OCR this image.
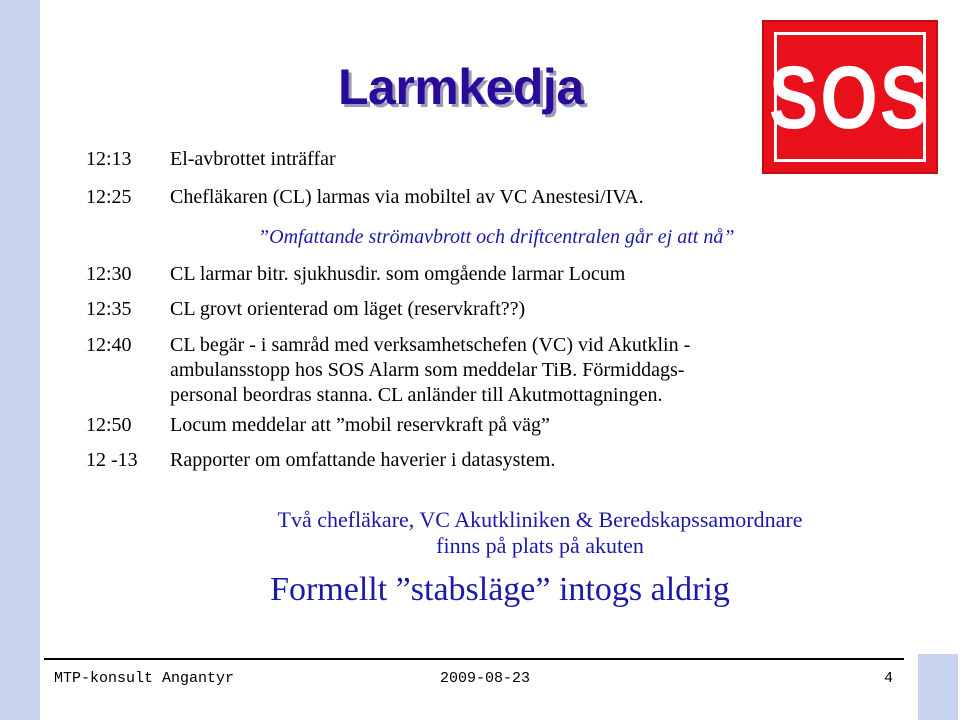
Larmkedja	SOS
12:13 El-avbrottet inträffar
12:25 Chefläkaren (CL) larmas via mobiltel av VC Anestesi/IVA.
”Omfattande strömavbrott och driftcentralen går ej att nå”
12:30 CL larmar bitr. sjukhusdir. som omgående larmar Locum
12:35 CL grovt orienterad om läget (reservkraft??)
12:40 CL begär - i samråd med verksamhetschefen (VC) vid Akutklin -
ambulansstopp hos SOS Alarm som meddelar TiB. Förmiddags-
personal beordras stanna. CL anländer till Akutmottagningen.
12:50 Locum meddelar att ”mobil reservkraft på väg”
12 -13 Rapporter om omfattande haverier i datasystem.
Två chefläkare, VC Akutkliniken & Beredskapssamordnare
finns på plats på akuten
Formellt ”stabsläge” intogs aldrig
MTP-konsult Angantyr	2009-08-23	4
